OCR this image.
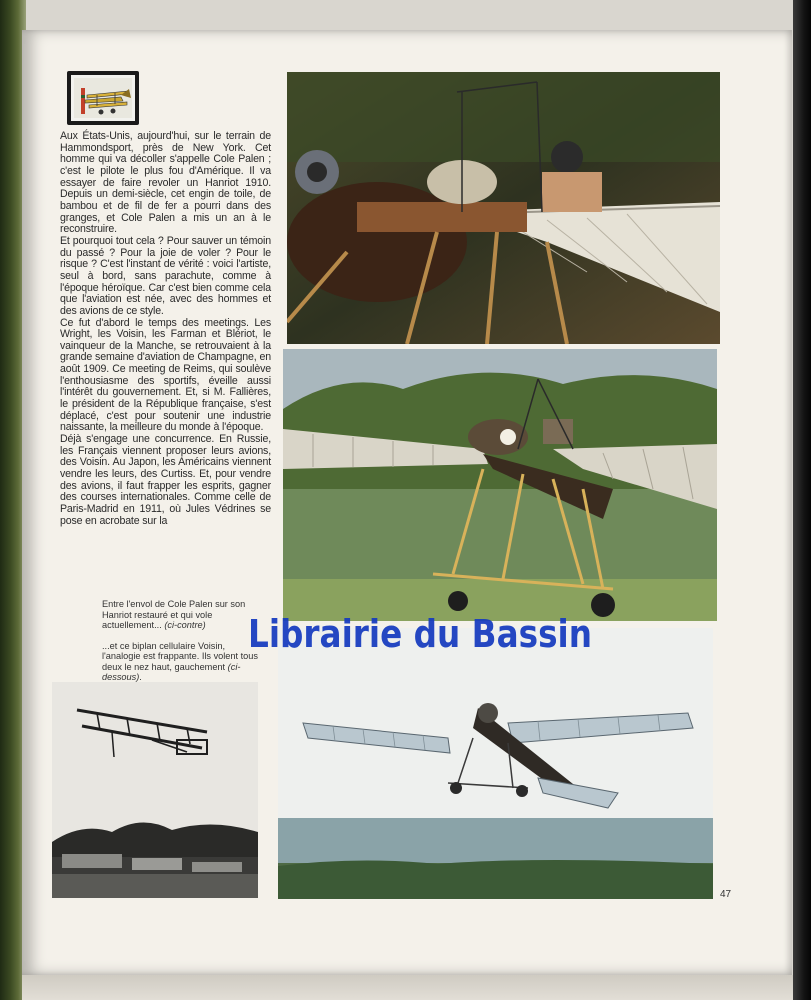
Aux États-Unis, aujourd'hui, sur le terrain de Hammondsport, près de New York. Cet homme qui va décoller s'appelle Cole Palen ; c'est le pilote le plus fou d'Amérique. Il va essayer de faire revoler un Hanriot 1910. Depuis un demi-siècle, cet engin de toile, de bambou et de fil de fer a pourri dans des granges, et Cole Palen a mis un an à le reconstruire.

Et pourquoi tout cela ? Pour sauver un témoin du passé ? Pour la joie de voler ? Pour le risque ? C'est l'instant de vérité : voici l'artiste, seul à bord, sans parachute, comme à l'époque héroïque. Car c'est bien comme cela que l'aviation est née, avec des hommes et des avions de ce style.

Ce fut d'abord le temps des meetings. Les Wright, les Voisin, les Farman et Blériot, le vainqueur de la Manche, se retrouvaient à la grande semaine d'aviation de Champagne, en août 1909. Ce meeting de Reims, qui soulève l'enthousiasme des sportifs, éveille aussi l'intérêt du gouvernement. Et, si M. Fallières, le président de la République française, s'est déplacé, c'est pour soutenir une industrie naissante, la meilleure du monde à l'époque.

Déjà s'engage une concurrence. En Russie, les Français viennent proposer leurs avions, des Voisin. Au Japon, les Américains viennent vendre les leurs, des Curtiss. Et, pour vendre des avions, il faut frapper les esprits, gagner des courses internationales. Comme celle de Paris-Madrid en 1911, où Jules Védrines se pose en acrobate sur la

Entre l'envol de Cole Palen sur son Hanriot restauré et qui vole actuellement... (ci-contre)

...et ce biplan cellulaire Voisin, l'analogie est frappante. Ils volent tous deux le nez haut, gauchement (ci-dessous).

47
Librairie du Bassin
